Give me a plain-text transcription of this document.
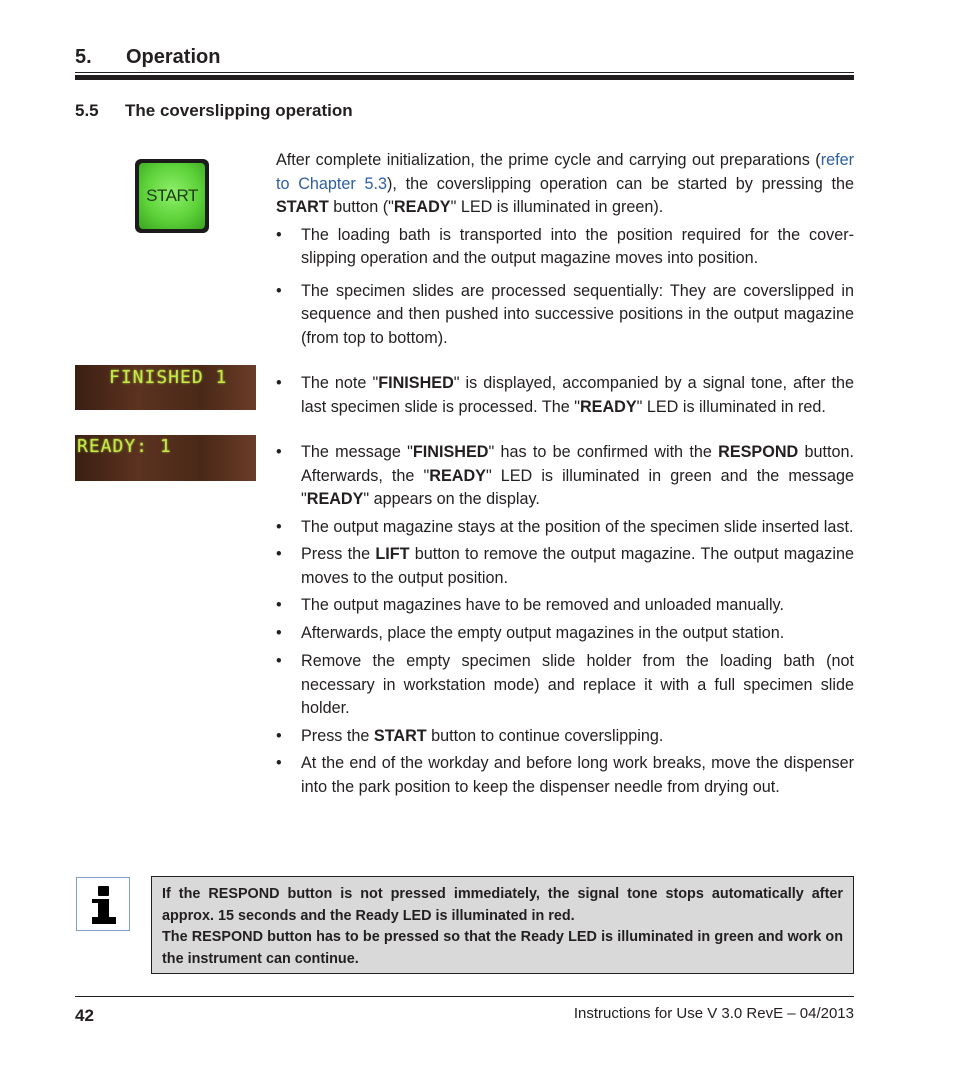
5. Operation
5.5 The coverslipping operation
START
FINISHED 1
READY: 1

After complete initialization, the prime cycle and carrying out preparations (refer to Chapter 5.3), the coverslipping operation can be started by pressing the START button ("READY" LED is illuminated in green).

• The loading bath is transported into the position required for the cover-slipping operation and the output magazine moves into position.
• The specimen slides are processed sequentially: They are coverslipped in sequence and then pushed into successive positions in the output magazine (from top to bottom).
• The note "FINISHED" is displayed, accompanied by a signal tone, after the last specimen slide is processed. The "READY" LED is illuminated in red.
• The message "FINISHED" has to be confirmed with the RESPOND button. Afterwards, the "READY" LED is illuminated in green and the message "READY" appears on the display.
• The output magazine stays at the position of the specimen slide inserted last.
• Press the LIFT button to remove the output magazine. The output magazine moves to the output position.
• The output magazines have to be removed and unloaded manually.
• Afterwards, place the empty output magazines in the output station.
• Remove the empty specimen slide holder from the loading bath (not necessary in workstation mode) and replace it with a full specimen slide holder.
• Press the START button to continue coverslipping.
• At the end of the workday and before long work breaks, move the dispenser into the park position to keep the dispenser needle from drying out.

If the RESPOND button is not pressed immediately, the signal tone stops automatically after approx. 15 seconds and the Ready LED is illuminated in red.

The RESPOND button has to be pressed so that the Ready LED is illuminated in green and work on the instrument can continue.

42	Instructions for Use V 3.0 RevE – 04/2013
